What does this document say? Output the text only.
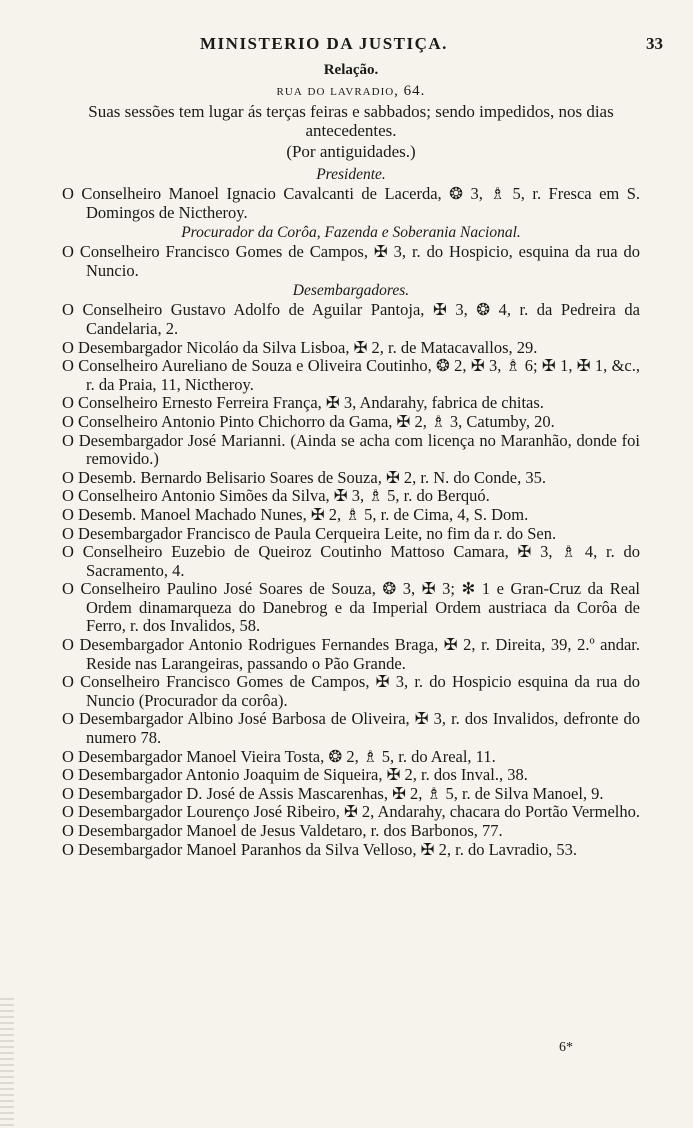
MINISTERIO DA JUSTIÇA.	33
Relação.
rua do lavradio, 64.
Suas sessões tem lugar ás terças feiras e sabbados; sendo impedidos, nos dias antecedentes.
(Por antiguidades.)
Presidente.
O Conselheiro Manoel Ignacio Cavalcanti de Lacerda, ❂ 3, ♗ 5, r. Fresca em S. Domingos de Nictheroy.
Procurador da Corôa, Fazenda e Soberania Nacional.
O Conselheiro Francisco Gomes de Campos, ✠ 3, r. do Hospicio, esquina da rua do Nuncio.
Desembargadores.
O Conselheiro Gustavo Adolfo de Aguilar Pantoja, ✠ 3, ❂ 4, r. da Pedreira da Candelaria, 2.
O Desembargador Nicoláo da Silva Lisboa, ✠ 2, r. de Matacavallos, 29.
O Conselheiro Aureliano de Souza e Oliveira Coutinho, ❂ 2, ✠ 3, ♗ 6; ✠ 1, ✠ 1, &c., r. da Praia, 11, Nictheroy.
O Conselheiro Ernesto Ferreira França, ✠ 3, Andarahy, fabrica de chitas.
O Conselheiro Antonio Pinto Chichorro da Gama, ✠ 2, ♗ 3, Catumby, 20.
O Desembargador José Marianni. (Ainda se acha com licença no Maranhão, donde foi removido.)
O Desemb. Bernardo Belisario Soares de Souza, ✠ 2, r. N. do Conde, 35.
O Conselheiro Antonio Simões da Silva, ✠ 3, ♗ 5, r. do Berquó.
O Desemb. Manoel Machado Nunes, ✠ 2, ♗ 5, r. de Cima, 4, S. Dom.
O Desembargador Francisco de Paula Cerqueira Leite, no fim da r. do Sen.
O Conselheiro Euzebio de Queiroz Coutinho Mattoso Camara, ✠ 3, ♗ 4, r. do Sacramento, 4.
O Conselheiro Paulino José Soares de Souza, ❂ 3, ✠ 3; ✻ 1 e Gran-Cruz da Real Ordem dinamarqueza do Danebrog e da Imperial Ordem austriaca da Corôa de Ferro, r. dos Invalidos, 58.
O Desembargador Antonio Rodrigues Fernandes Braga, ✠ 2, r. Direita, 39, 2.º andar. Reside nas Larangeiras, passando o Pão Grande.
O Conselheiro Francisco Gomes de Campos, ✠ 3, r. do Hospicio esquina da rua do Nuncio (Procurador da corôa).
O Desembargador Albino José Barbosa de Oliveira, ✠ 3, r. dos Invalidos, defronte do numero 78.
O Desembargador Manoel Vieira Tosta, ❂ 2, ♗ 5, r. do Areal, 11.
O Desembargador Antonio Joaquim de Siqueira, ✠ 2, r. dos Inval., 38.
O Desembargador D. José de Assis Mascarenhas, ✠ 2, ♗ 5, r. de Silva Manoel, 9.
O Desembargador Lourenço José Ribeiro, ✠ 2, Andarahy, chacara do Portão Vermelho.
O Desembargador Manoel de Jesus Valdetaro, r. dos Barbonos, 77.
O Desembargador Manoel Paranhos da Silva Velloso, ✠ 2, r. do Lavradio, 53.
6*
